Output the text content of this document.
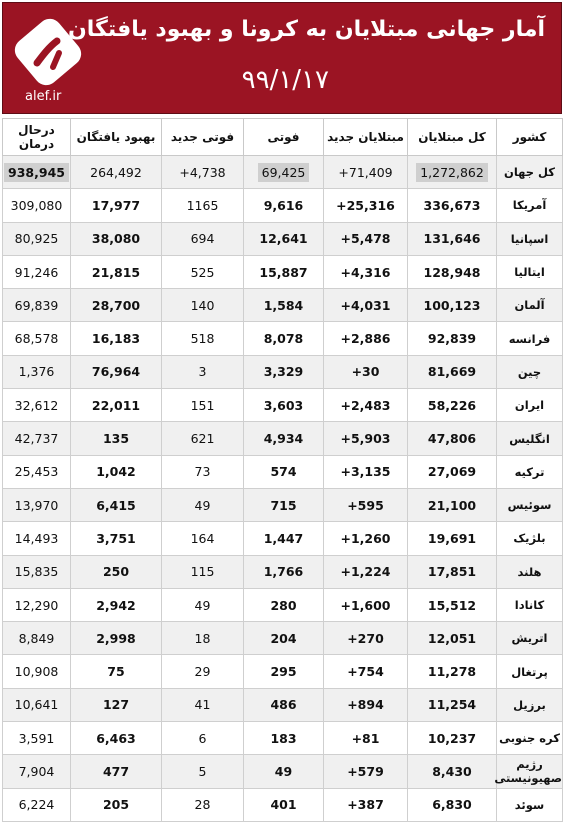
آمار جهانی مبتلایان به کرونا و بهبود یافتگان
۹۹/۱/۱۷
alef.ir
کشور	کل مبتلایان	مبتلایان جدید	فوتی	فوتی جدید	بهبود یافتگان	درحال درمان
کل جهان	1,272,862	+71,409	69,425	+4,738	264,492	938,945
آمریکا	336,673	+25,316	9,616	1165	17,977	309,080
اسپانیا	131,646	+5,478	12,641	694	38,080	80,925
ایتالیا	128,948	+4,316	15,887	525	21,815	91,246
آلمان	100,123	+4,031	1,584	140	28,700	69,839
فرانسه	92,839	+2,886	8,078	518	16,183	68,578
چین	81,669	+30	3,329	3	76,964	1,376
ایران	58,226	+2,483	3,603	151	22,011	32,612
انگلیس	47,806	+5,903	4,934	621	135	42,737
ترکیه	27,069	+3,135	574	73	1,042	25,453
سوئیس	21,100	+595	715	49	6,415	13,970
بلژیک	19,691	+1,260	1,447	164	3,751	14,493
هلند	17,851	+1,224	1,766	115	250	15,835
کانادا	15,512	+1,600	280	49	2,942	12,290
اتریش	12,051	+270	204	18	2,998	8,849
پرتغال	11,278	+754	295	29	75	10,908
برزیل	11,254	+894	486	41	127	10,641
کره جنوبی	10,237	+81	183	6	6,463	3,591
رژیم صهیونیستی	8,430	+579	49	5	477	7,904
سوئد	6,830	+387	401	28	205	6,224
